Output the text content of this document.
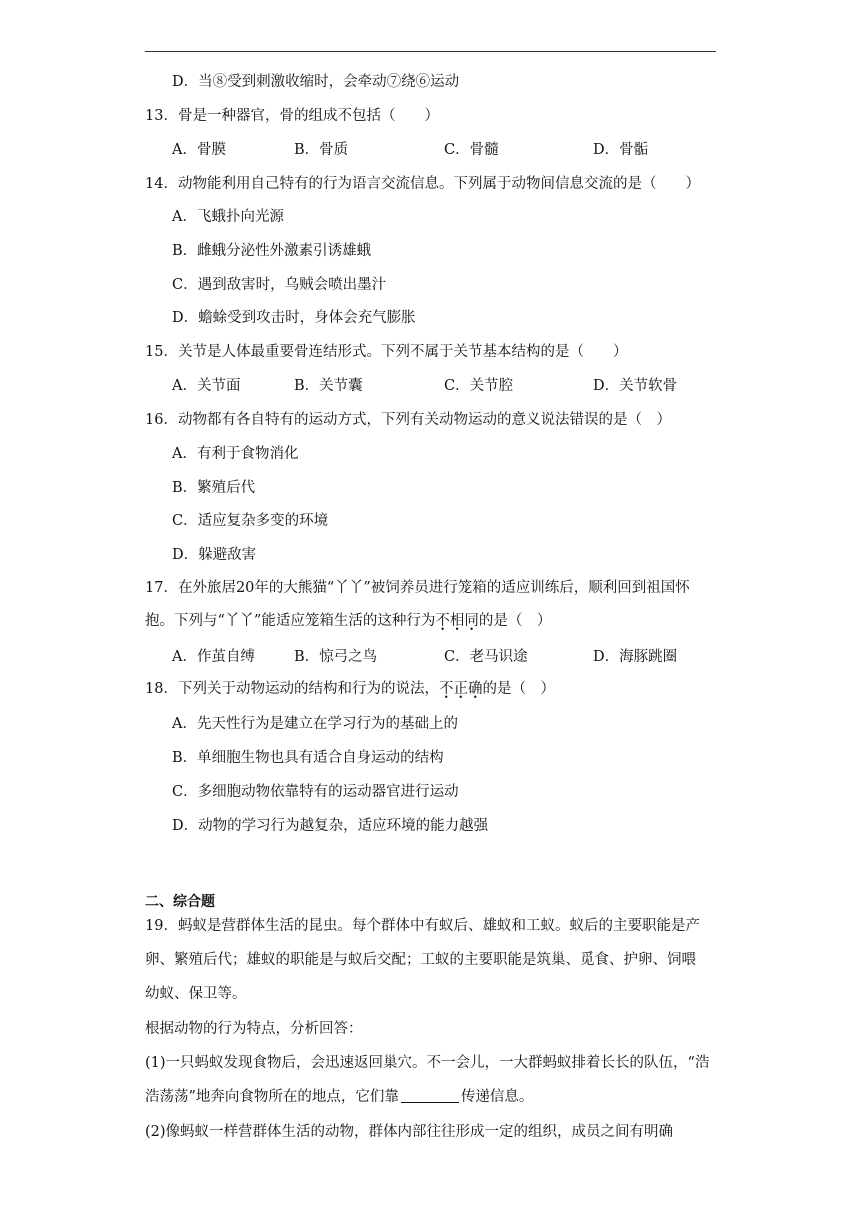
D．当⑧受到刺激收缩时，会牵动⑦绕⑥运动
13．骨是一种器官，骨的组成不包括（　　）
A．骨膜	B．骨质	C．骨髓	D．骨骺
14．动物能利用自己特有的行为语言交流信息。下列属于动物间信息交流的是（　　）
A．飞蛾扑向光源
B．雌蛾分泌性外激素引诱雄蛾
C．遇到敌害时，乌贼会喷出墨汁
D．蟾蜍受到攻击时，身体会充气膨胀
15．关节是人体最重要骨连结形式。下列不属于关节基本结构的是（　　）
A．关节面	B．关节囊	C．关节腔	D．关节软骨
16．动物都有各自特有的运动方式，下列有关动物运动的意义说法错误的是（　）
A．有利于食物消化
B．繁殖后代
C．适应复杂多变的环境
D．躲避敌害
17．在外旅居20年的大熊猫“丫丫”被饲养员进行笼箱的适应训练后，顺利回到祖国怀
抱。下列与“丫丫”能适应笼箱生活的这种行为不相同的是（　）
A．作茧自缚	B．惊弓之鸟	C．老马识途	D．海豚跳圈
18．下列关于动物运动的结构和行为的说法，不正确的是（　）
A．先天性行为是建立在学习行为的基础上的
B．单细胞生物也具有适合自身运动的结构
C．多细胞动物依靠特有的运动器官进行运动
D．动物的学习行为越复杂，适应环境的能力越强
二、综合题
19．蚂蚁是营群体生活的昆虫。每个群体中有蚁后、雄蚁和工蚁。蚁后的主要职能是产
卵、繁殖后代；雄蚁的职能是与蚁后交配；工蚁的主要职能是筑巢、觅食、护卵、饲喂
幼蚁、保卫等。
根据动物的行为特点，分析回答：
(1)一只蚂蚁发现食物后，会迅速返回巢穴。不一会儿，一大群蚂蚁排着长长的队伍，“浩
浩荡荡”地奔向食物所在的地点，它们靠	传递信息。
(2)像蚂蚁一样营群体生活的动物，群体内部往往形成一定的组织，成员之间有明确
